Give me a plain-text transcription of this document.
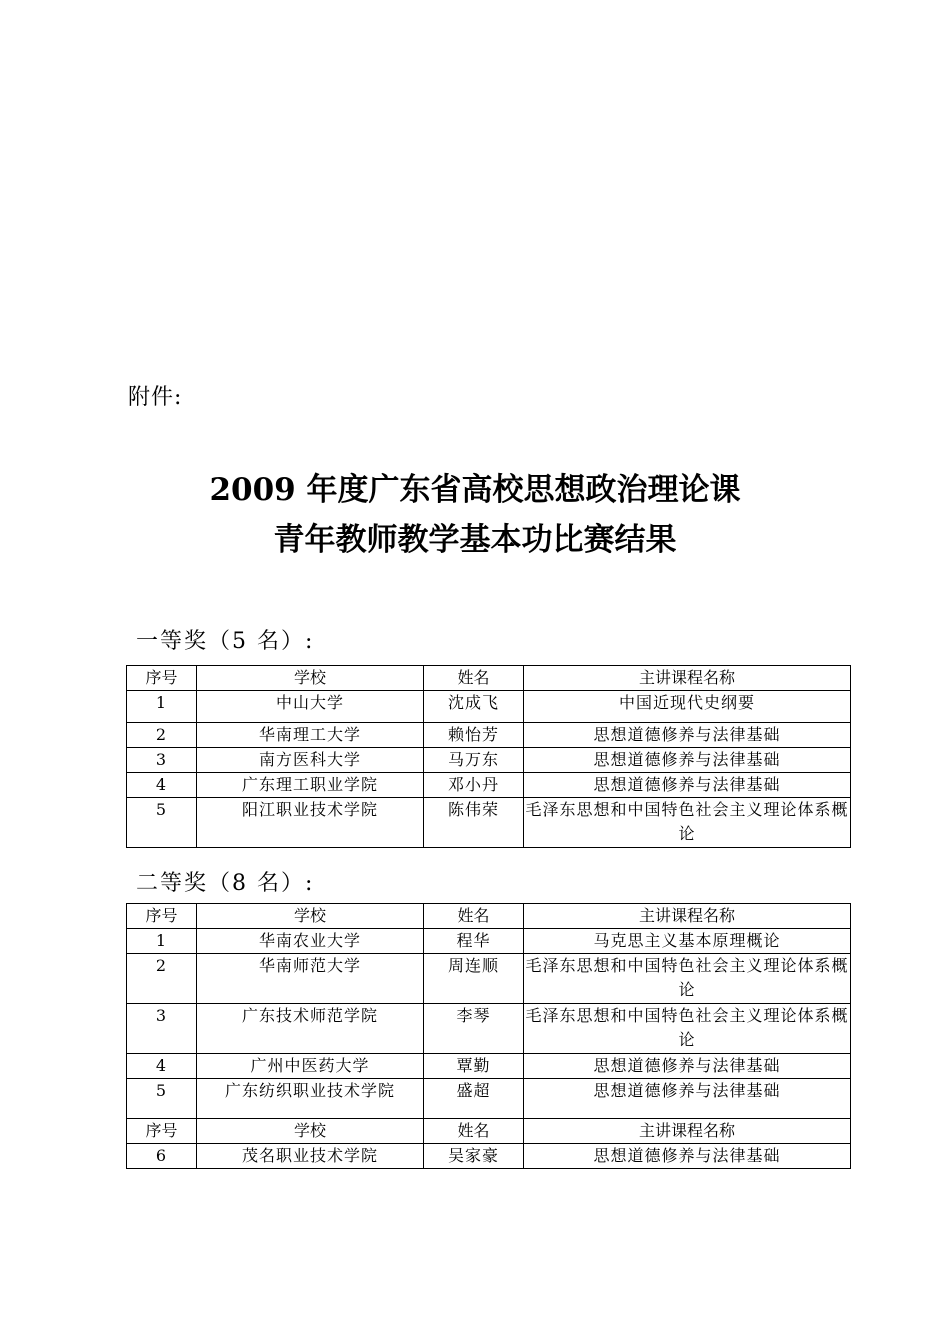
附件:
2009 年度广东省高校思想政治理论课
青年教师教学基本功比赛结果
一等奖（5 名）:
序号	学校	姓名	主讲课程名称
1	中山大学	沈成飞	中国近现代史纲要
2	华南理工大学	赖怡芳	思想道德修养与法律基础
3	南方医科大学	马万东	思想道德修养与法律基础
4	广东理工职业学院	邓小丹	思想道德修养与法律基础
5	阳江职业技术学院	陈伟荣	毛泽东思想和中国特色社会主义理论体系概论
二等奖（8 名）:
序号	学校	姓名	主讲课程名称
1	华南农业大学	程华	马克思主义基本原理概论
2	华南师范大学	周连顺	毛泽东思想和中国特色社会主义理论体系概论
3	广东技术师范学院	李琴	毛泽东思想和中国特色社会主义理论体系概论
4	广州中医药大学	覃勤	思想道德修养与法律基础
5	广东纺织职业技术学院	盛超	思想道德修养与法律基础
序号	学校	姓名	主讲课程名称
6	茂名职业技术学院	吴家豪	思想道德修养与法律基础
